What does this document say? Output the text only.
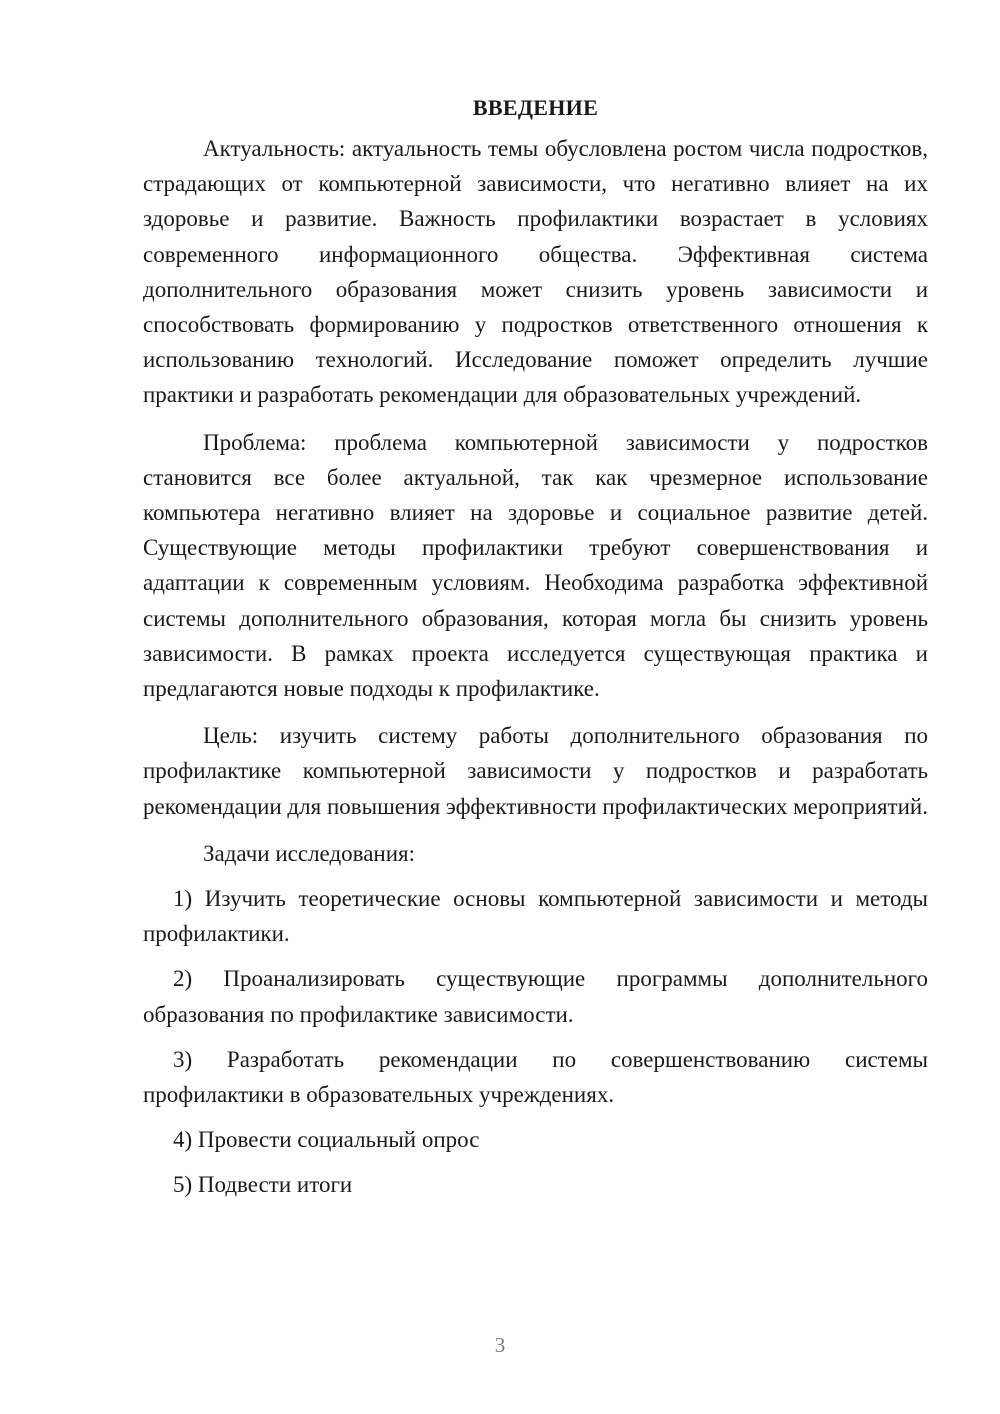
ВВЕДЕНИЕ

Актуальность: актуальность темы обусловлена ростом числа подростков, страдающих от компьютерной зависимости, что негативно влияет на их здоровье и развитие. Важность профилактики возрастает в условиях современного информационного общества. Эффективная система дополнительного образования может снизить уровень зависимости и способствовать формированию у подростков ответственного отношения к использованию технологий. Исследование поможет определить лучшие практики и разработать рекомендации для образовательных учреждений.

Проблема: проблема компьютерной зависимости у подростков становится все более актуальной, так как чрезмерное использование компьютера негативно влияет на здоровье и социальное развитие детей. Существующие методы профилактики требуют совершенствования и адаптации к современным условиям. Необходима разработка эффективной системы дополнительного образования, которая могла бы снизить уровень зависимости. В рамках проекта исследуется существующая практика и предлагаются новые подходы к профилактике.

Цель: изучить систему работы дополнительного образования по профилактике компьютерной зависимости у подростков и разработать рекомендации для повышения эффективности профилактических мероприятий.

Задачи исследования:

1) Изучить теоретические основы компьютерной зависимости и методы профилактики.

2) Проанализировать существующие программы дополнительного образования по профилактике зависимости.

3) Разработать рекомендации по совершенствованию системы профилактики в образовательных учреждениях.

4) Провести социальный опрос

5) Подвести итоги

3
